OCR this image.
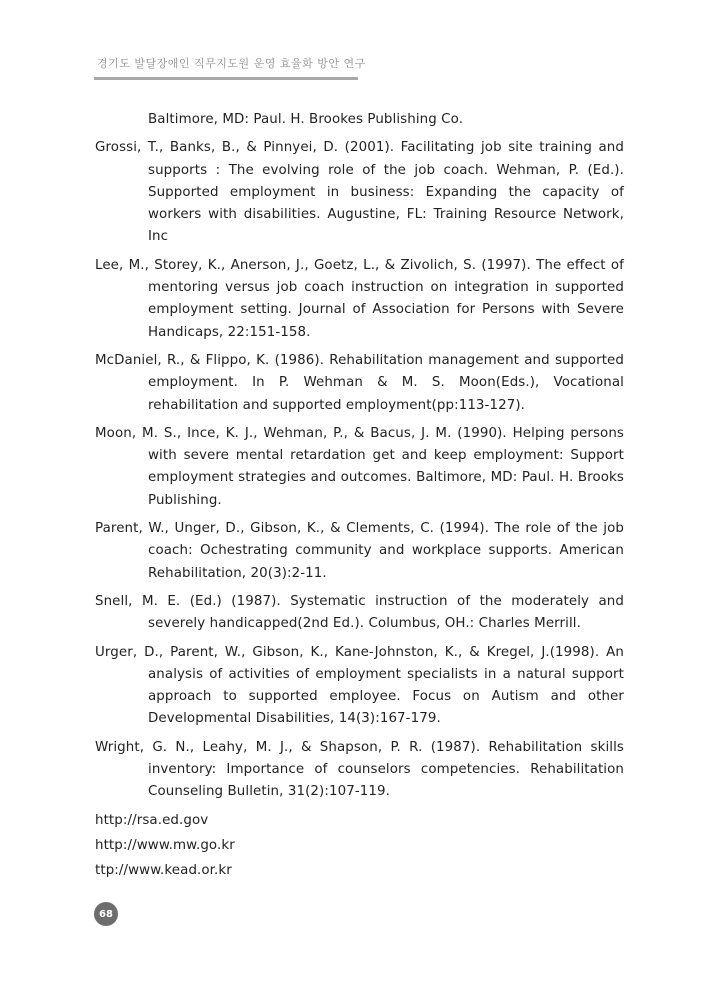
경기도 발달장애인 직무지도원 운영 효율화 방안 연구
Baltimore, MD: Paul. H. Brookes Publishing Co.
Grossi, T., Banks, B., & Pinnyei, D. (2001). Facilitating job site training and supports : The evolving role of the job coach. Wehman, P. (Ed.). Supported employment in business: Expanding the capacity of workers with disabilities. Augustine, FL: Training Resource Network, Inc
Lee, M., Storey, K., Anerson, J., Goetz, L., & Zivolich, S. (1997). The effect of mentoring versus job coach instruction on integration in supported employment setting. Journal of Association for Persons with Severe Handicaps, 22:151-158.
McDaniel, R., & Flippo, K. (1986). Rehabilitation management and supported employment. In P. Wehman & M. S. Moon(Eds.), Vocational rehabilitation and supported employment(pp:113-127).
Moon, M. S., Ince, K. J., Wehman, P., & Bacus, J. M. (1990). Helping persons with severe mental retardation get and keep employment: Support employment strategies and outcomes. Baltimore, MD: Paul. H. Brooks Publishing.
Parent, W., Unger, D., Gibson, K., & Clements, C. (1994). The role of the job coach: Ochestrating community and workplace supports. American Rehabilitation, 20(3):2-11.
Snell, M. E. (Ed.) (1987). Systematic instruction of the moderately and severely handicapped(2nd Ed.). Columbus, OH.: Charles Merrill.
Urger, D., Parent, W., Gibson, K., Kane-Johnston, K., & Kregel, J.(1998). An analysis of activities of employment specialists in a natural support approach to supported employee. Focus on Autism and other Developmental Disabilities, 14(3):167-179.
Wright, G. N., Leahy, M. J., & Shapson, P. R. (1987). Rehabilitation skills inventory: Importance of counselors competencies. Rehabilitation Counseling Bulletin, 31(2):107-119.
http://rsa.ed.gov
http://www.mw.go.kr
ttp://www.kead.or.kr
68
